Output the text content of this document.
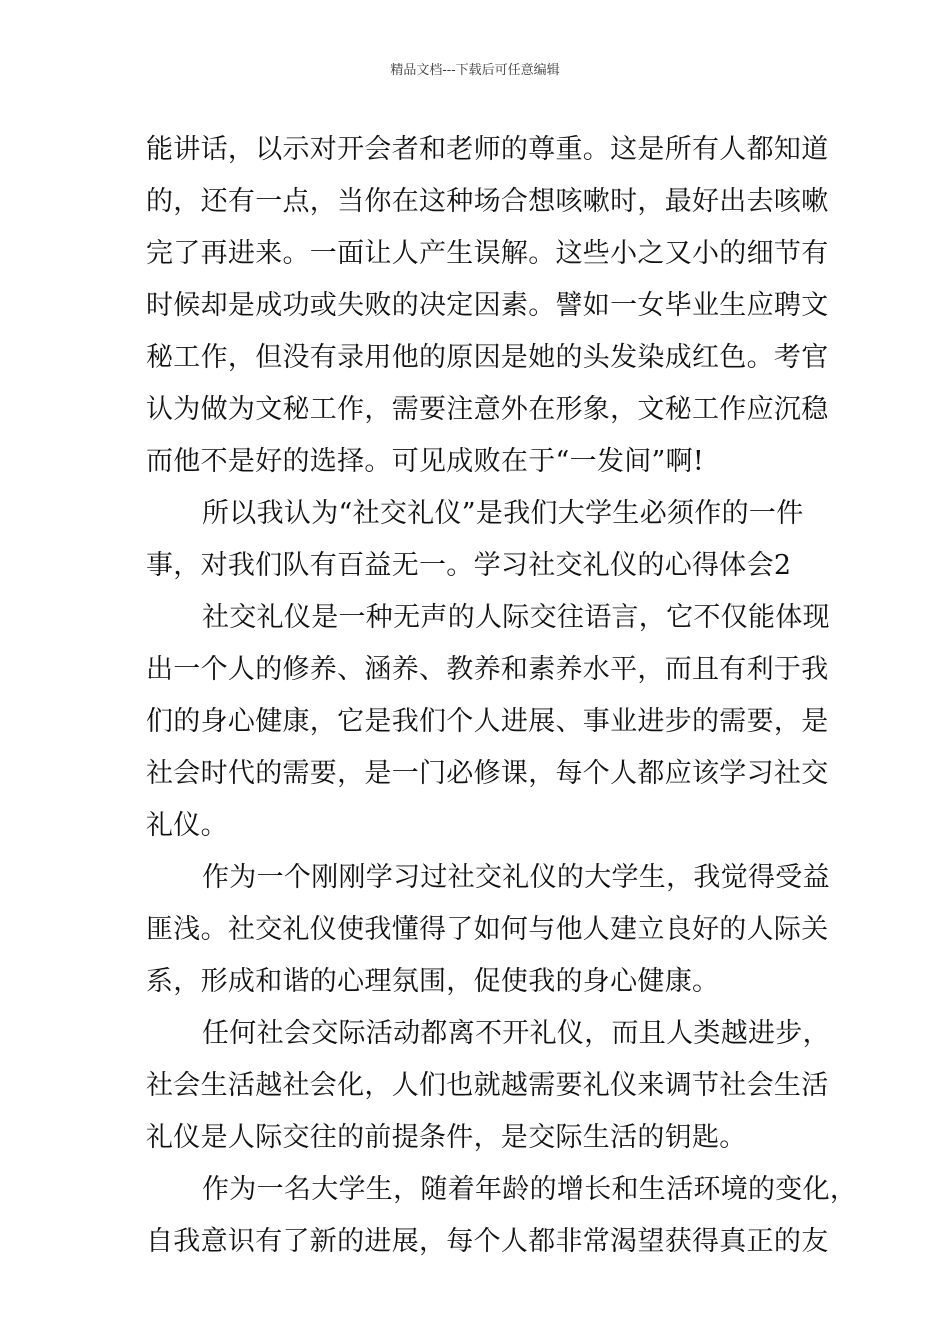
精品文档---下载后可任意编辑
能讲话，以示对开会者和老师的尊重。这是所有人都知道
的，还有一点，当你在这种场合想咳嗽时，最好出去咳嗽
完了再进来。一面让人产生误解。这些小之又小的细节有
时候却是成功或失败的决定因素。譬如一女毕业生应聘文
秘工作，但没有录用他的原因是她的头发染成红色。考官
认为做为文秘工作，需要注意外在形象，文秘工作应沉稳
而他不是好的选择。可见成败在于“一发间”啊!
所以我认为“社交礼仪”是我们大学生必须作的一件
事，对我们队有百益无一。学习社交礼仪的心得体会2
社交礼仪是一种无声的人际交往语言，它不仅能体现
出一个人的修养、涵养、教养和素养水平，而且有利于我
们的身心健康，它是我们个人进展、事业进步的需要，是
社会时代的需要，是一门必修课，每个人都应该学习社交
礼仪。
作为一个刚刚学习过社交礼仪的大学生，我觉得受益
匪浅。社交礼仪使我懂得了如何与他人建立良好的人际关
系，形成和谐的心理氛围，促使我的身心健康。
任何社会交际活动都离不开礼仪，而且人类越进步，
社会生活越社会化，人们也就越需要礼仪来调节社会生活
礼仪是人际交往的前提条件，是交际生活的钥匙。
作为一名大学生，随着年龄的增长和生活环境的变化，
自我意识有了新的进展，每个人都非常渴望获得真正的友
